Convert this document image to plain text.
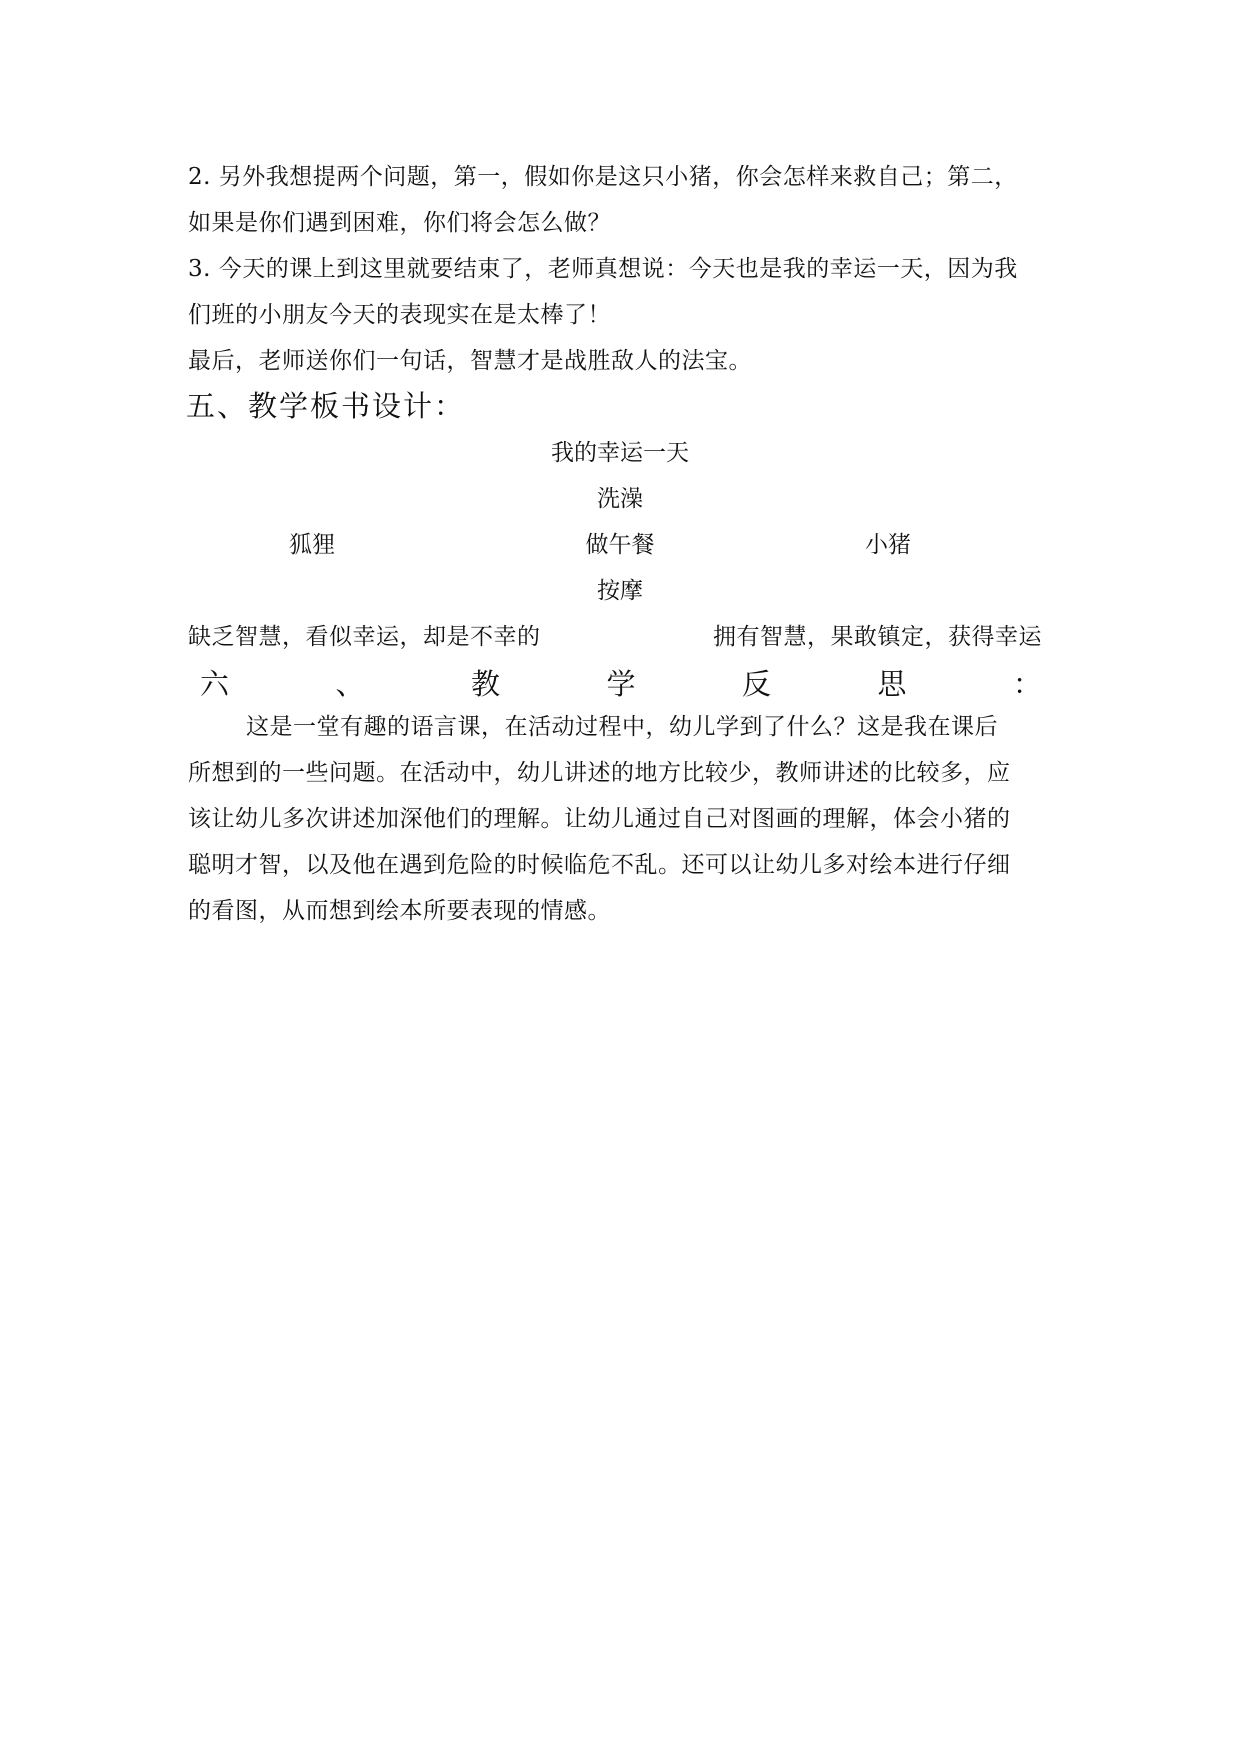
2. 另外我想提两个问题，第一，假如你是这只小猪，你会怎样来救自己；第二，
如果是你们遇到困难，你们将会怎么做？
3. 今天的课上到这里就要结束了，老师真想说：今天也是我的幸运一天，因为我
们班的小朋友今天的表现实在是太棒了！
最后，老师送你们一句话，智慧才是战胜敌人的法宝。
五、教学板书设计：
我的幸运一天
洗澡
狐狸	做午餐	小猪
按摩
缺乏智慧，看似幸运，却是不幸的	拥有智慧，果敢镇定，获得幸运
六	、	教	学	反	思	：
这是一堂有趣的语言课，在活动过程中，幼儿学到了什么？这是我在课后
所想到的一些问题。在活动中，幼儿讲述的地方比较少，教师讲述的比较多，应
该让幼儿多次讲述加深他们的理解。让幼儿通过自己对图画的理解，体会小猪的
聪明才智，以及他在遇到危险的时候临危不乱。还可以让幼儿多对绘本进行仔细
的看图，从而想到绘本所要表现的情感。
